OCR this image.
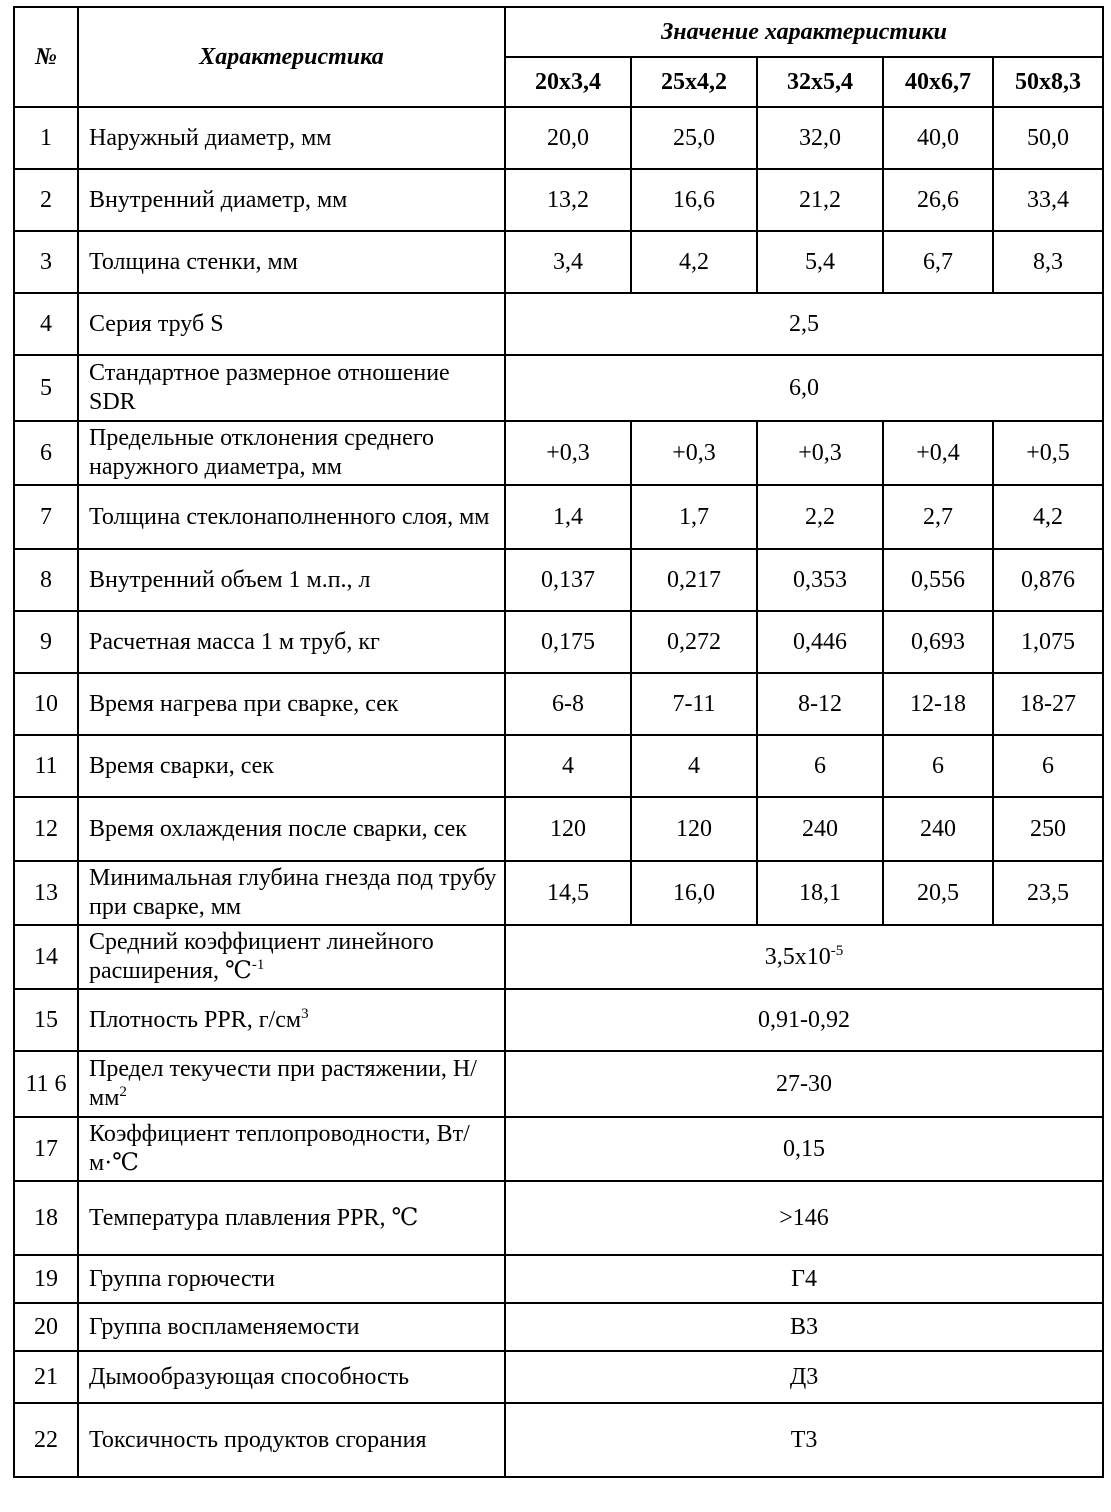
№	Характеристика	Значение характеристики				
		20x3,4	25x4,2	32x5,4	40x6,7	50x8,3
1	Наружный диаметр, мм	20,0	25,0	32,0	40,0	50,0
2	Внутренний диаметр, мм	13,2	16,6	21,2	26,6	33,4
3	Толщина стенки, мм	3,4	4,2	5,4	6,7	8,3
4	Серия труб S	2,5				
5	Стандартное размерное отношение SDR	6,0				
6	Предельные отклонения среднего наружного диаметра, мм	+0,3	+0,3	+0,3	+0,4	+0,5
7	Толщина стеклонаполненного слоя, мм	1,4	1,7	2,2	2,7	4,2
8	Внутренний объем 1 м.п., л	0,137	0,217	0,353	0,556	0,876
9	Расчетная масса 1 м труб, кг	0,175	0,272	0,446	0,693	1,075
10	Время нагрева при сварке, сек	6-8	7-11	8-12	12-18	18-27
11	Время сварки, сек	4	4	6	6	6
12	Время охлаждения после сварки, сек	120	120	240	240	250
13	Минимальная глубина гнезда под трубу при сварке, мм	14,5	16,0	18,1	20,5	23,5
14	Средний коэффициент линейного расширения, ℃$^{-1}$	$3,5x10^{-5}$
15	Плотность PPR, $г/см^3$	0,91-0,92				
11 6	Предел текучести при растяжении, $Н/мм^2$	27-30				
17	Коэффициент теплопроводности, Вт/м·℃	0,15				
18	Температура плавления PPR, ℃	>146				
19	Группа горючести	Г4				
20	Группа воспламеняемости	В3				
21	Дымообразующая способность	Д3				
22	Токсичность продуктов сгорания	Т3				
